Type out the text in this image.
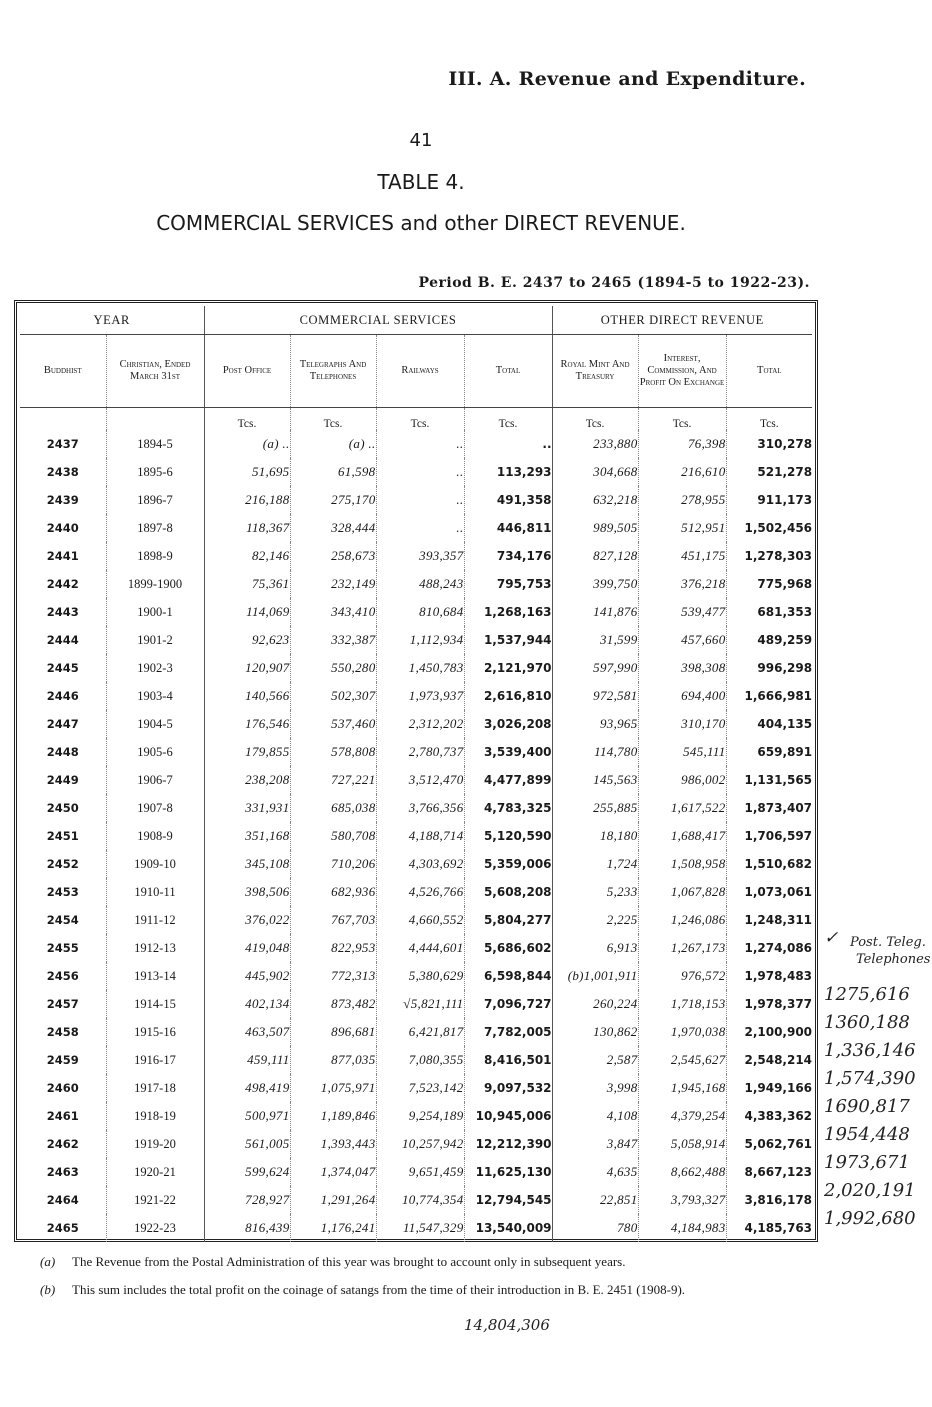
III. A. Revenue and Expenditure.
41
TABLE 4.
COMMERCIAL SERVICES and other DIRECT REVENUE.
Period B. E. 2437 to 2465 (1894-5 to 1922-23).
YEAR		COMMERCIAL SERVICES				OTHER DIRECT REVENUE		
Buddhist	Christian, Ended March 31st	Post Office	Telegraphs And Telephones	Railways	Total	Royal Mint And Treasury	Interest, Commission, And Profit On Exchange	Total
		Tcs.	Tcs.	Tcs.	Tcs.	Tcs.	Tcs.	Tcs.
2437	1894-5	(a) ..	(a) ..	..	..	233,880	76,398	310,278
2438	1895-6	51,695	61,598	..	113,293	304,668	216,610	521,278
2439	1896-7	216,188	275,170	..	491,358	632,218	278,955	911,173
2440	1897-8	118,367	328,444	..	446,811	989,505	512,951	1,502,456
2441	1898-9	82,146	258,673	393,357	734,176	827,128	451,175	1,278,303
2442	1899-1900	75,361	232,149	488,243	795,753	399,750	376,218	775,968
2443	1900-1	114,069	343,410	810,684	1,268,163	141,876	539,477	681,353
2444	1901-2	92,623	332,387	1,112,934	1,537,944	31,599	457,660	489,259
2445	1902-3	120,907	550,280	1,450,783	2,121,970	597,990	398,308	996,298
2446	1903-4	140,566	502,307	1,973,937	2,616,810	972,581	694,400	1,666,981
2447	1904-5	176,546	537,460	2,312,202	3,026,208	93,965	310,170	404,135
2448	1905-6	179,855	578,808	2,780,737	3,539,400	114,780	545,111	659,891
2449	1906-7	238,208	727,221	3,512,470	4,477,899	145,563	986,002	1,131,565
2450	1907-8	331,931	685,038	3,766,356	4,783,325	255,885	1,617,522	1,873,407
2451	1908-9	351,168	580,708	4,188,714	5,120,590	18,180	1,688,417	1,706,597
2452	1909-10	345,108	710,206	4,303,692	5,359,006	1,724	1,508,958	1,510,682
2453	1910-11	398,506	682,936	4,526,766	5,608,208	5,233	1,067,828	1,073,061
2454	1911-12	376,022	767,703	4,660,552	5,804,277	2,225	1,246,086	1,248,311
2455	1912-13	419,048	822,953	4,444,601	5,686,602	6,913	1,267,173	1,274,086
2456	1913-14	445,902	772,313	5,380,629	6,598,844	(b)1,001,911	976,572	1,978,483
2457	1914-15	402,134	873,482	√5,821,111	7,096,727	260,224	1,718,153	1,978,377
2458	1915-16	463,507	896,681	6,421,817	7,782,005	130,862	1,970,038	2,100,900
2459	1916-17	459,111	877,035	7,080,355	8,416,501	2,587	2,545,627	2,548,214
2460	1917-18	498,419	1,075,971	7,523,142	9,097,532	3,998	1,945,168	1,949,166
2461	1918-19	500,971	1,189,846	9,254,189	10,945,006	4,108	4,379,254	4,383,362
2462	1919-20	561,005	1,393,443	10,257,942	12,212,390	3,847	5,058,914	5,062,761
2463	1920-21	599,624	1,374,047	9,651,459	11,625,130	4,635	8,662,488	8,667,123
2464	1921-22	728,927	1,291,264	10,774,354	12,794,545	22,851	3,793,327	3,816,178
2465	1922-23	816,439	1,176,241	11,547,329	13,540,009	780	4,184,983	4,185,763
(a) The Revenue from the Postal Administration of this year was brought to account only in subsequent years.
(b) This sum includes the total profit on the coinage of satangs from the time of their introduction in B. E. 2451 (1908-9).
✓ Post. Teleg.
Telephones
1275,616
1360,188
1,336,146
1,574,390
1690,817
1954,448
1973,671
2,020,191
1,992,680
14,804,306
